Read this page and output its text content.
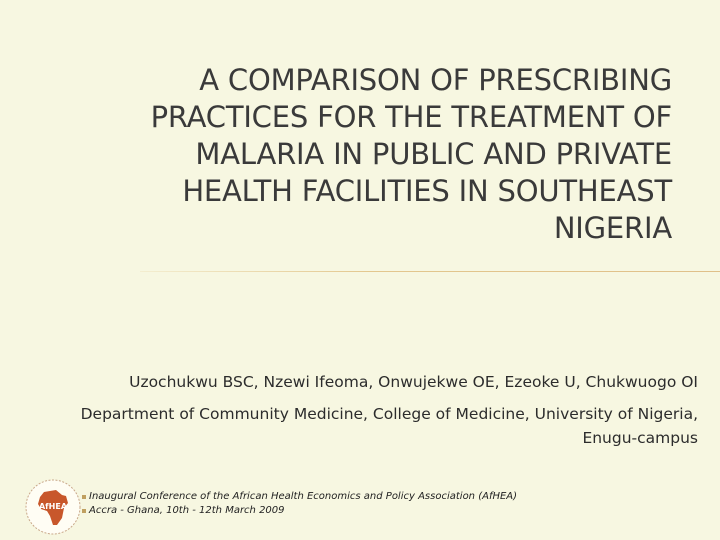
A COMPARISON OF PRESCRIBING PRACTICES FOR THE TREATMENT OF MALARIA IN PUBLIC AND PRIVATE HEALTH FACILITIES IN SOUTHEAST NIGERIA
Uzochukwu BSC, Nzewi Ifeoma, Onwujekwe OE, Ezeoke U, Chukwuogo OI
Department of Community Medicine, College of Medicine, University of Nigeria,
Enugu-campus
AfHEA
Inaugural Conference of the African Health Economics and Policy Association (AfHEA)
Accra - Ghana, 10th - 12th March 2009
